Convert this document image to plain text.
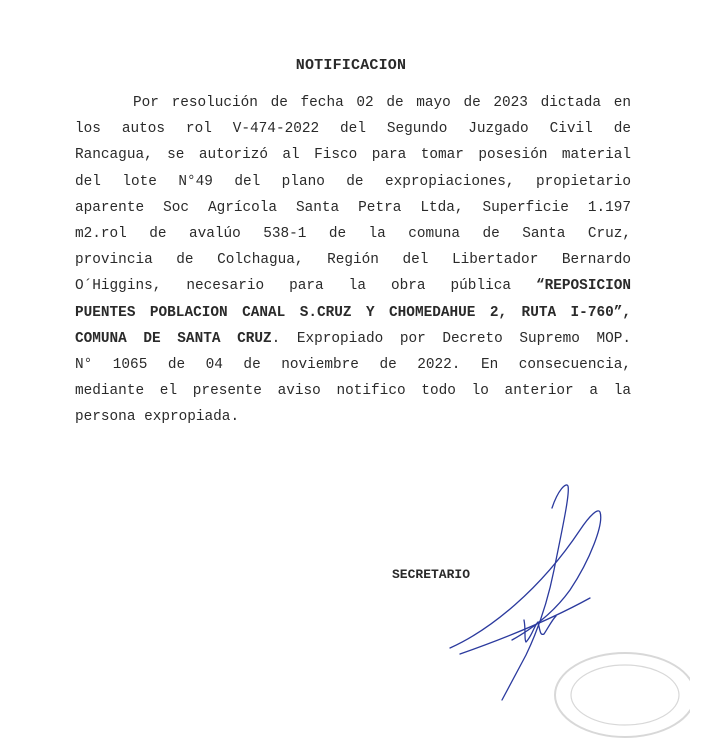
NOTIFICACION
Por resolución de fecha 02 de mayo de 2023 dictada en
los autos rol V-474-2022 del Segundo Juzgado Civil de
Rancagua, se autorizó al Fisco para tomar posesión material
del lote N°49 del plano de expropiaciones, propietario
aparente Soc Agrícola Santa Petra Ltda, Superficie 1.197
m2.rol de avalúo 538-1 de la comuna de Santa Cruz,
provincia de Colchagua, Región del Libertador Bernardo
O´Higgins, necesario para la obra pública “REPOSICION
PUENTES POBLACION CANAL S.CRUZ Y CHOMEDAHUE 2, RUTA I-760”,
COMUNA DE SANTA CRUZ. Expropiado por Decreto Supremo MOP.
N° 1065 de 04 de noviembre de 2022. En consecuencia,
mediante el presente aviso notifico todo lo anterior a la
persona expropiada.
SECRETARIO
